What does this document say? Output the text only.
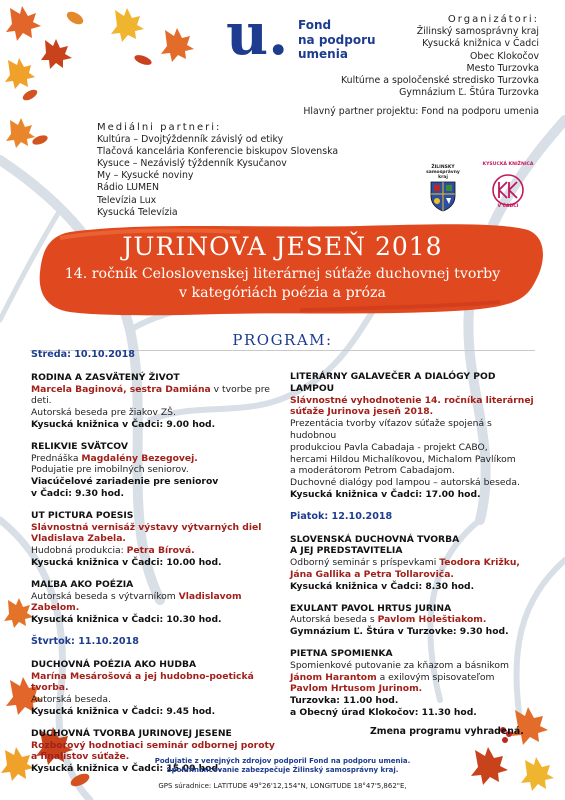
u. Fond
na podporu
umenia
Organizátori:
Žilinský samosprávny kraj
Kysucká knižnica v Čadci
Obec Klokočov
Mesto Turzovka
Kultúrne a spoločenské stredisko Turzovka
Gymnázium Ľ. Štúra Turzovka
Hlavný partner projektu: Fond na podporu umenia
Mediálni partneri:
Kultúra – Dvojtýždenník závislý od etiky
Tlačová kancelária Konferencie biskupov Slovenska
Kysuce – Nezávislý týždenník Kysučanov
My – Kysucké noviny
Rádio LUMEN
Televízia Lux
Kysucká Televízia
ŽILINSKÝ samosprávny kraj
KYSUCKÁ KNIŽNICA
V ČADCI
JURINOVA JESEŇ 2018
14. ročník Celoslovenskej literárnej súťaže duchovnej tvorby
v kategóriách poézia a próza
PROGRAM:
Streda: 10.10.2018
RODINA A ZASVÄTENÝ ŽIVOT
Marcela Baginová, sestra Damiána v tvorbe pre deti.
Autorská beseda pre žiakov ZŠ.
Kysucká knižnica v Čadci: 9.00 hod.
RELIKVIE SVÄTCOV
Prednáška Magdalény Bezegovej.
Podujatie pre imobilných seniorov.
Viacúčelové zariadenie pre seniorov
v Čadci: 9.30 hod.
UT PICTURA POESIS
Slávnostná vernisáž výstavy výtvarných diel
Vladislava Zabela.
Hudobná produkcia: Petra Bírová.
Kysucká knižnica v Čadci: 10.00 hod.
MAĽBA AKO POÉZIA
Autorská beseda s výtvarníkom Vladislavom Zabelom.
Kysucká knižnica v Čadci: 10.30 hod.
Štvrtok: 11.10.2018
DUCHOVNÁ POÉZIA AKO HUDBA
Marína Mesárošová a jej hudobno-poetická tvorba.
Autorská beseda.
Kysucká knižnica v Čadci: 9.45 hod.
DUCHOVNÁ TVORBA JURINOVEJ JESENE
Rozborový hodnotiaci seminár odbornej poroty
a finalistov súťaže.
Kysucká knižnica v Čadci: 15.00 hod.
LITERÁRNY GALAVEČER A DIALÓGY POD LAMPOU
Slávnostné vyhodnotenie 14. ročníka literárnej
súťaže Jurinova jeseň 2018.
Prezentácia tvorby víťazov súťaže spojená s hudobnou
produkciou Pavla Cabadaja - projekt CABO,
hercami Hildou Michalíkovou, Michalom Pavlíkom
a moderátorom Petrom Cabadajom.
Duchovné dialógy pod lampou – autorská beseda.
Kysucká knižnica v Čadci: 17.00 hod.
Piatok: 12.10.2018
SLOVENSKÁ DUCHOVNÁ TVORBA
A JEJ PREDSTAVITELIA
Odborný seminár s príspevkami Teodora Križku,
Jána Gallika a Petra Tollaroviča.
Kysucká knižnica v Čadci: 8.30 hod.
EXULANT PAVOL HRTUS JURINA
Autorská beseda s Pavlom Holeštiakom.
Gymnázium Ľ. Štúra v Turzovke: 9.30 hod.
PIETNA SPOMIENKA
Spomienkové putovanie za kňazom a básnikom
Jánom Harantom a exilovým spisovateľom
Pavlom Hrtusom Jurinom.
Turzovka: 11.00 hod.
a Obecný úrad Klokočov: 11.30 hod.
Zmena programu vyhradená.
Podujatie z verejných zdrojov podporil Fond na podporu umenia.
Spolufinancovanie zabezpečuje Žilinský samosprávny kraj.
GPS súradnice: LATITUDE 49°26'12,154"N, LONGITUDE 18°47'5,862"E,
